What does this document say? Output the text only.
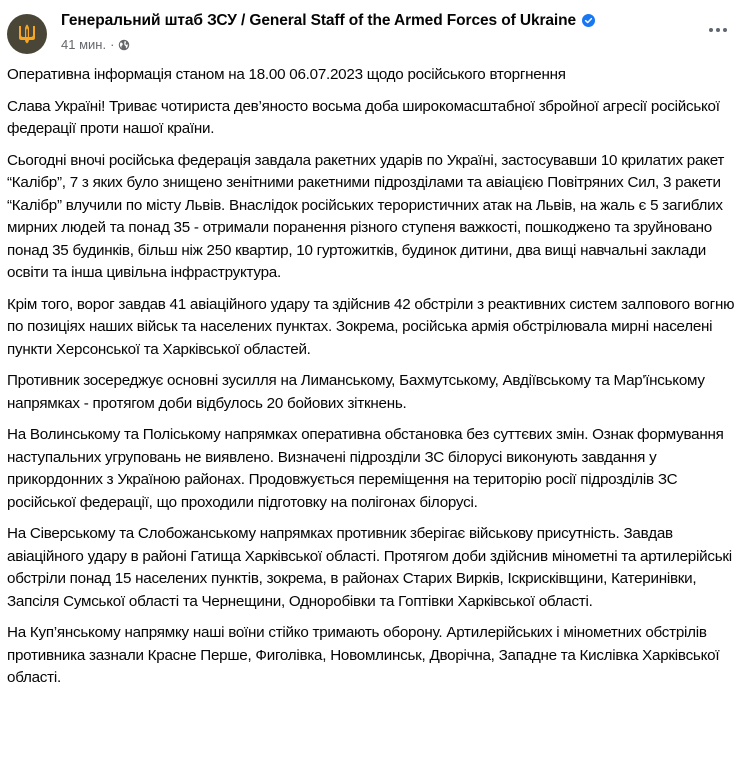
Генеральний штаб ЗСУ / General Staff of the Armed Forces of Ukraine
41 мин. ·

Оперативна інформація станом на 18.00 06.07.2023 щодо російського вторгнення

Слава Україні! Триває чотириста дев’яносто восьма доба широкомасштабної збройної агресії російської федерації проти нашої країни.

Сьогодні вночі російська федерація завдала ракетних ударів по Україні, застосувавши 10 крилатих ракет “Калібр”, 7 з яких було знищено зенітними ракетними підрозділами та авіацією Повітряних Сил, 3 ракети “Калібр” влучили по місту Львів. Внаслідок російських терористичних атак на Львів, на жаль є 5 загиблих мирних людей та понад 35 - отримали поранення різного ступеня важкості, пошкоджено та зруйновано понад 35 будинків, більш ніж 250 квартир, 10 гуртожитків, будинок дитини, два вищі навчальні заклади освіти та інша цивільна інфраструктура.

Крім того, ворог завдав 41 авіаційного удару та здійснив 42 обстріли з реактивних систем залпового вогню по позиціях наших військ та населених пунктах. Зокрема, російська армія обстрілювала мирні населені пункти Херсонської та Харківської областей.

Противник зосереджує основні зусилля на Лиманському, Бахмутському, Авдіївському та Мар'їнському напрямках - протягом доби відбулось 20 бойових зіткнень.

На Волинському та Поліському напрямках оперативна обстановка без суттєвих змін. Ознак формування наступальних угруповань не виявлено. Визначені підрозділи ЗС білорусі виконують завдання у прикордонних з Україною районах. Продовжується переміщення на територію росії підрозділів ЗС російської федерації, що проходили підготовку на полігонах білорусі.

На Сіверському та Слобожанському напрямках противник зберігає військову присутність. Завдав авіаційного удару в районі Гатища Харківської області. Протягом доби здійснив мінометні та артилерійські обстріли понад 15 населених пунктів, зокрема, в районах Старих Вирків, Іскрисківщини, Катеринівки, Запсіля Сумської області та Чернещини, Одноробівки та Гоптівки Харківської області.

На Куп’янському напрямку наші воїни стійко тримають оборону. Артилерійських і мінометних обстрілів противника зазнали Красне Перше, Фиголівка, Новомлинськ, Дворічна, Западне та Кислівка Харківської області.
